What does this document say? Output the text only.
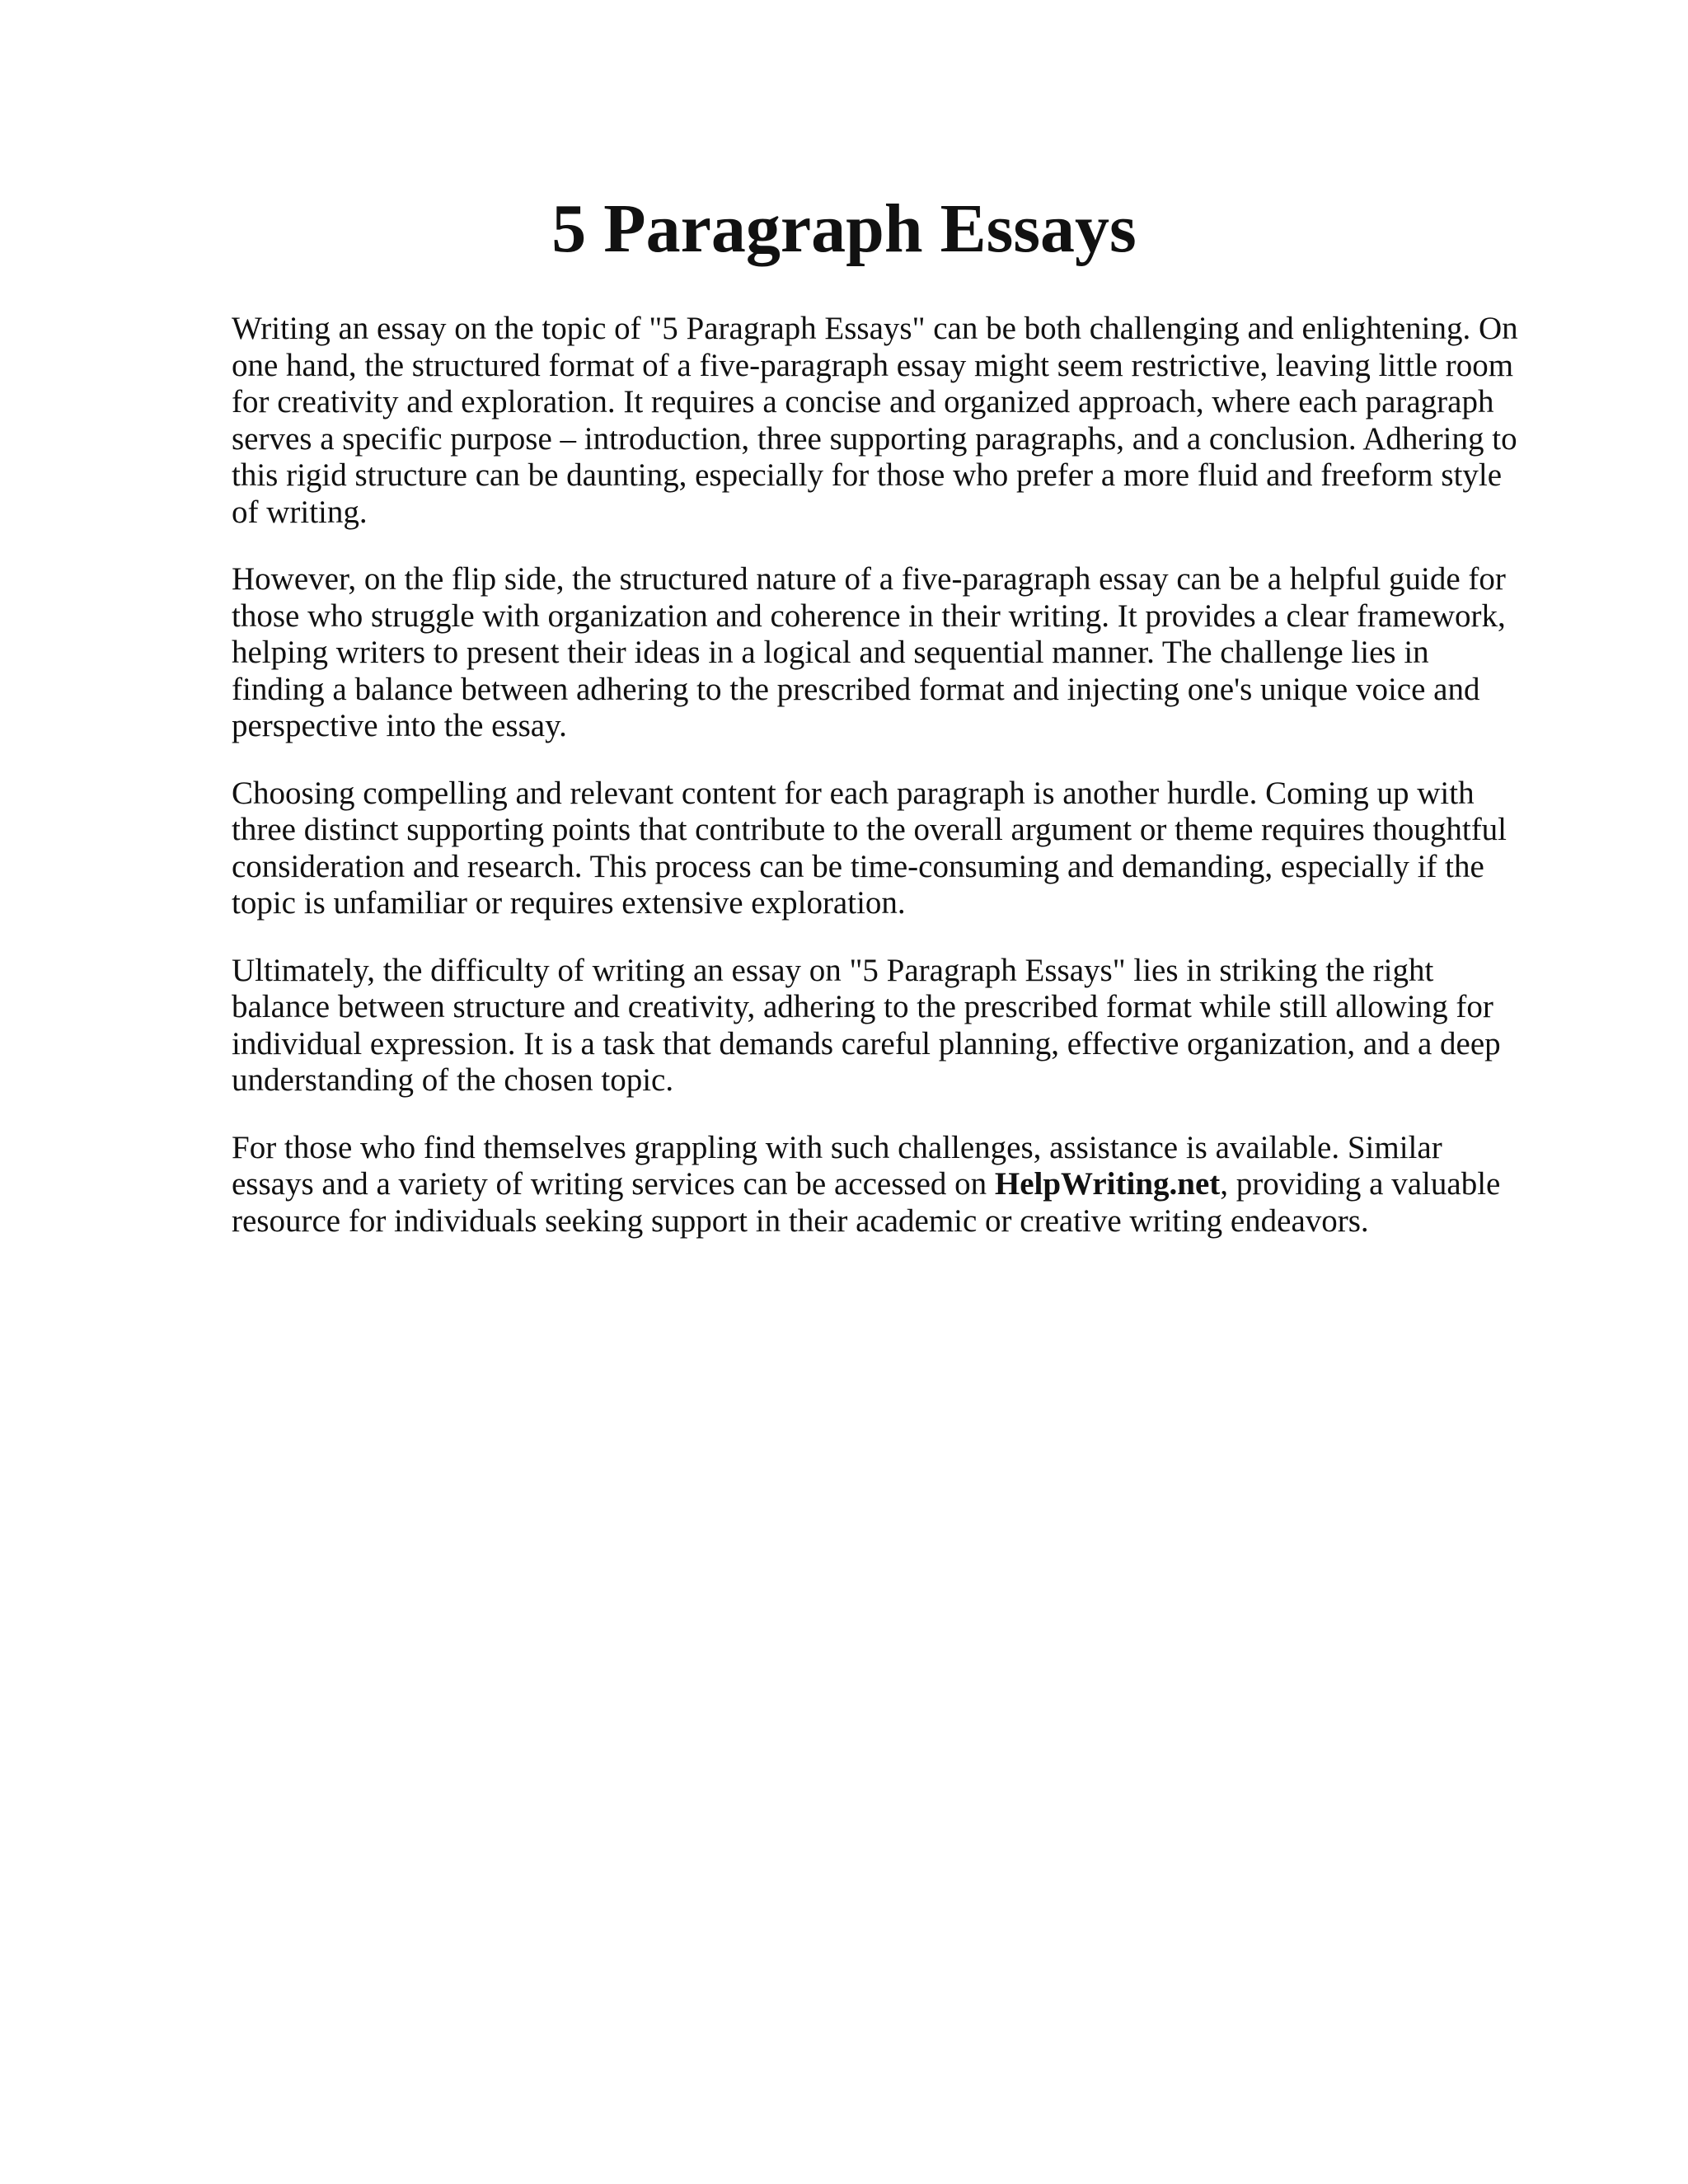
5 Paragraph Essays

Writing an essay on the topic of "5 Paragraph Essays" can be both challenging and enlightening. On
one hand, the structured format of a five-paragraph essay might seem restrictive, leaving little room
for creativity and exploration. It requires a concise and organized approach, where each paragraph
serves a specific purpose – introduction, three supporting paragraphs, and a conclusion. Adhering to
this rigid structure can be daunting, especially for those who prefer a more fluid and freeform style
of writing.

However, on the flip side, the structured nature of a five-paragraph essay can be a helpful guide for
those who struggle with organization and coherence in their writing. It provides a clear framework,
helping writers to present their ideas in a logical and sequential manner. The challenge lies in
finding a balance between adhering to the prescribed format and injecting one's unique voice and
perspective into the essay.

Choosing compelling and relevant content for each paragraph is another hurdle. Coming up with
three distinct supporting points that contribute to the overall argument or theme requires thoughtful
consideration and research. This process can be time-consuming and demanding, especially if the
topic is unfamiliar or requires extensive exploration.

Ultimately, the difficulty of writing an essay on "5 Paragraph Essays" lies in striking the right
balance between structure and creativity, adhering to the prescribed format while still allowing for
individual expression. It is a task that demands careful planning, effective organization, and a deep
understanding of the chosen topic.

For those who find themselves grappling with such challenges, assistance is available. Similar
essays and a variety of writing services can be accessed on HelpWriting.net, providing a valuable
resource for individuals seeking support in their academic or creative writing endeavors.
